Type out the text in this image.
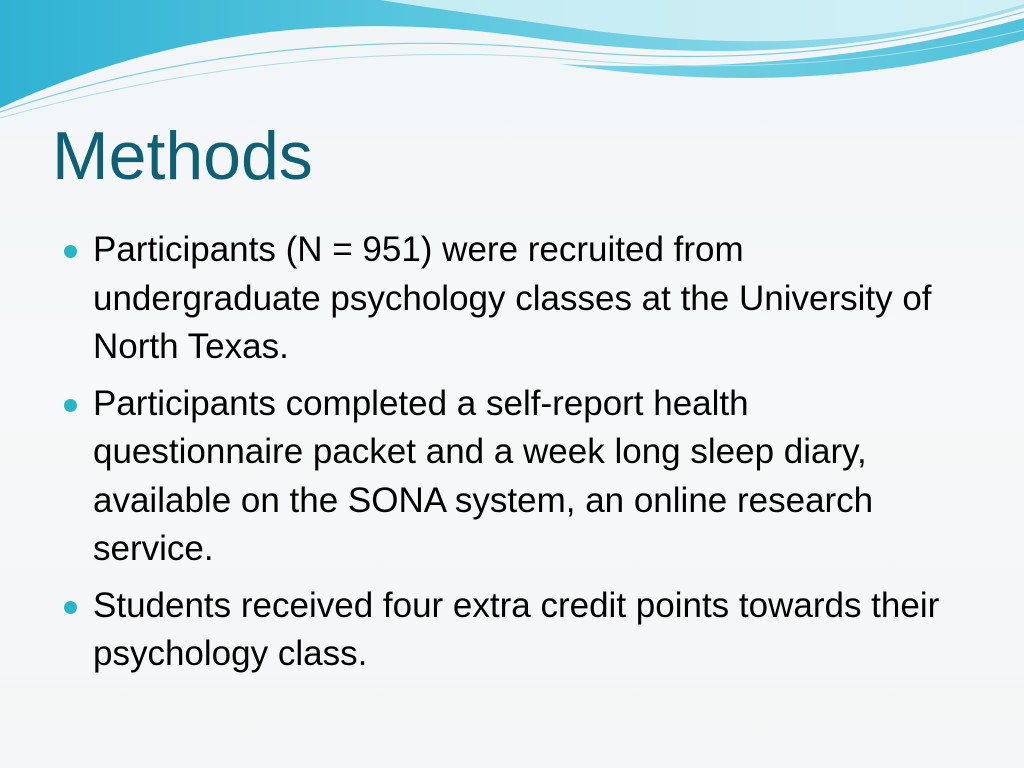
Methods
Participants (N = 951) were recruited from undergraduate psychology classes at the University of North Texas.
Participants completed a self-report health questionnaire packet and a week long sleep diary, available on the SONA system, an online research service.
Students received four extra credit points towards their psychology class.
